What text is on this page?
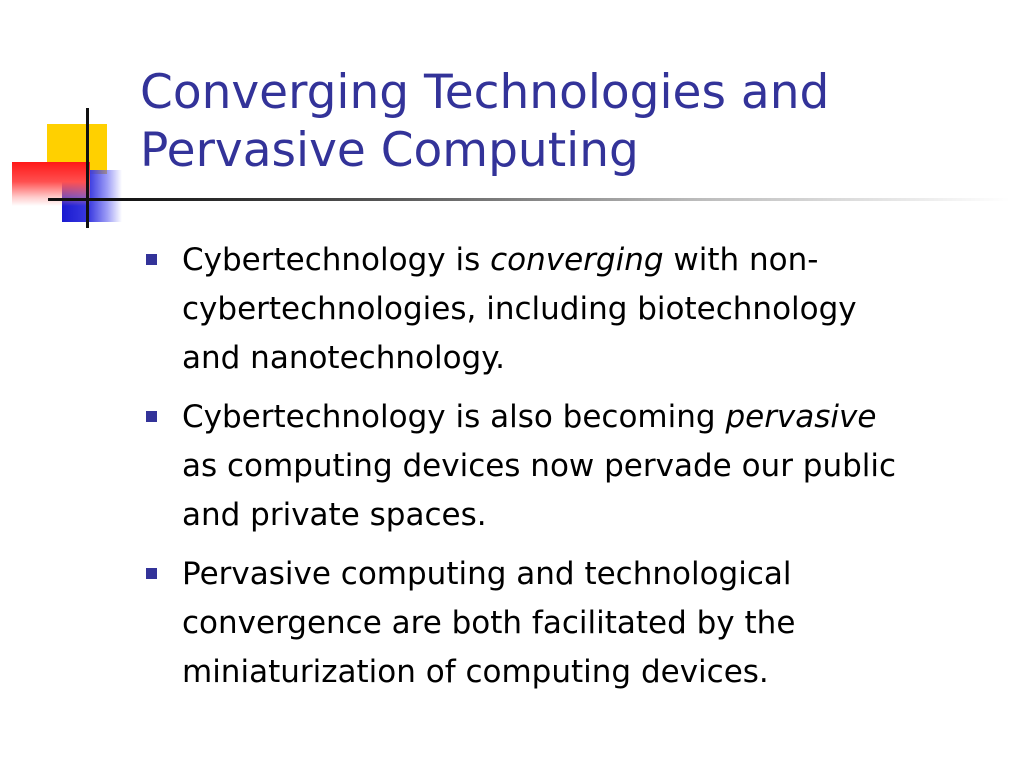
Converging Technologies and
Pervasive Computing
Cybertechnology is converging with non-
cybertechnologies, including biotechnology
and nanotechnology.
Cybertechnology is also becoming pervasive
as computing devices now pervade our public
and private spaces.
Pervasive computing and technological
convergence are both facilitated by the
miniaturization of computing devices.
